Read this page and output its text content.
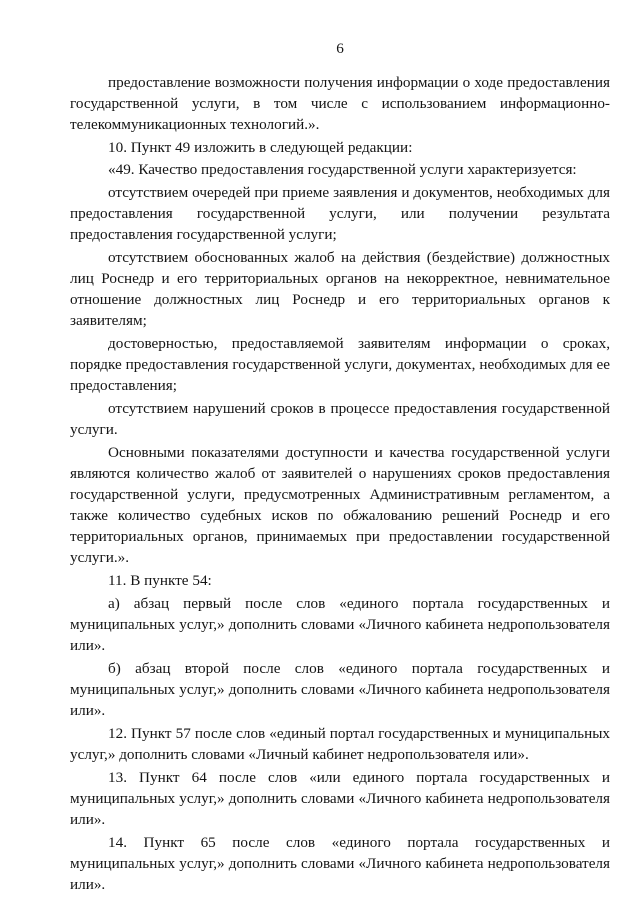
6

предоставление возможности получения информации о ходе предоставления государственной услуги, в том числе с использованием информационно-телекоммуникационных технологий.».

10. Пункт 49 изложить в следующей редакции:

«49. Качество предоставления государственной услуги характеризуется:

отсутствием очередей при приеме заявления и документов, необходимых для предоставления государственной услуги, или получении результата предоставления государственной услуги;

отсутствием обоснованных жалоб на действия (бездействие) должностных лиц Роснедр и его территориальных органов на некорректное, невнимательное отношение должностных лиц Роснедр и его территориальных органов к заявителям;

достоверностью, предоставляемой заявителям информации о сроках, порядке предоставления государственной услуги, документах, необходимых для ее предоставления;

отсутствием нарушений сроков в процессе предоставления государственной услуги.

Основными показателями доступности и качества государственной услуги являются количество жалоб от заявителей о нарушениях сроков предоставления государственной услуги, предусмотренных Административным регламентом, а также количество судебных исков по обжалованию решений Роснедр и его территориальных органов, принимаемых при предоставлении государственной услуги.».

11. В пункте 54:

а) абзац первый после слов «единого портала государственных и муниципальных услуг,» дополнить словами «Личного кабинета недропользователя или».

б) абзац второй после слов «единого портала государственных и муниципальных услуг,» дополнить словами «Личного кабинета недропользователя или».

12. Пункт 57 после слов «единый портал государственных и муниципальных услуг,» дополнить словами «Личный кабинет недропользователя или».

13. Пункт 64 после слов «или единого портала государственных и муниципальных услуг,» дополнить словами «Личного кабинета недропользователя или».

14. Пункт 65 после слов «единого портала государственных и муниципальных услуг,» дополнить словами «Личного кабинета недропользователя или».
